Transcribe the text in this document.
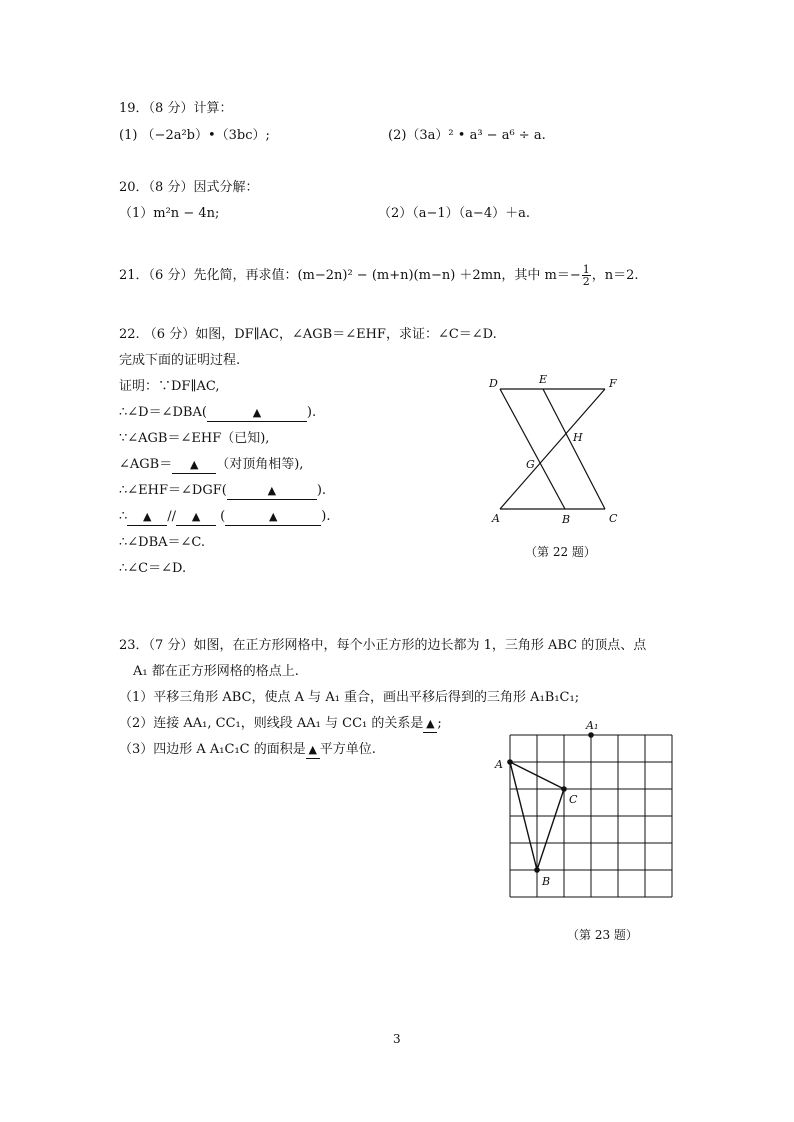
19．（8 分）计算：
(1) （−2a²b）•（3bc）;	(2)（3a）² • a³ − a⁶ ÷ a.
20．（8 分）因式分解：
（1）m²n − 4n;	（2）（a−1）（a−4）＋a.
21．（6 分）先化简，再求值：(m−2n)² − (m+n)(m−n) ＋2mn，其中 $m=- \frac{1}{2}$ ，n＝2.
22. （6 分）如图，DF∥AC，∠AGB＝∠EHF，求证：∠C＝∠D.
完成下面的证明过程.
证明：∵DF∥AC,
∴∠D＝∠DBA(	▲	).
∵∠AGB＝∠EHF（已知),
∠AGB＝ ▲ （对顶角相等),
∴∠EHF＝∠DGF(	▲	).
∴ ▲ // ▲ (	▲	).
∴∠DBA＝∠C.
∴∠C＝∠D.
D	E	F
H
G
A	B	C
（第 22 题）
23．（7 分）如图，在正方形网格中，每个小正方形的边长都为 1，三角形 ABC 的顶点、点
A₁ 都在正方形网格的格点上.
（1）平移三角形 ABC，使点 A 与 A₁ 重合，画出平移后得到的三角形 A₁B₁C₁;
（2）连接 AA₁, CC₁，则线段 AA₁ 与 CC₁ 的关系是 ▲ ;
（3）四边形 A A₁C₁C 的面积是 ▲ 平方单位.
A₁
A
C
B
（第 23 题）
3
